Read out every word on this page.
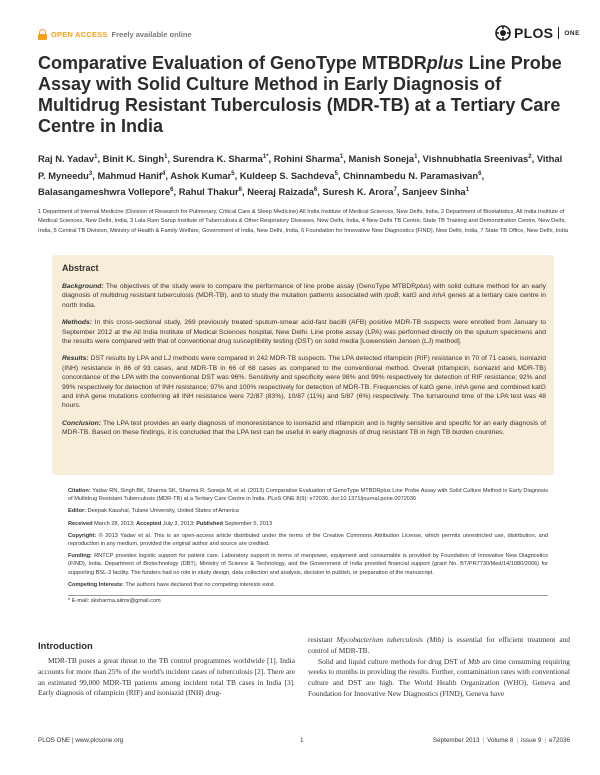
OPEN ACCESS Freely available online	PLOS ONE
Comparative Evaluation of GenoType MTBDRplus Line Probe Assay with Solid Culture Method in Early Diagnosis of Multidrug Resistant Tuberculosis (MDR-TB) at a Tertiary Care Centre in India
Raj N. Yadav$^1$, Binit K. Singh$^1$, Surendra K. Sharma$^{1*}$, Rohini Sharma$^1$, Manish Soneja$^1$, Vishnubhatla Sreenivas$^2$, Vithal P. Myneedu$^3$, Mahmud Hanif$^4$, Ashok Kumar$^5$, Kuldeep S. Sachdeva$^5$, Chinnambedu N. Paramasivan$^6$, Balasangameshwra Vollepore$^6$, Rahul Thakur$^6$, Neeraj Raizada$^6$, Suresh K. Arora$^7$, Sanjeev Sinha$^1$
1 Department of Internal Medicine (Division of Research for Pulmonary, Critical Care & Sleep Medicine) All India Institute of Medical Sciences, New Delhi, India, 2 Department of Biostatistics, All India Institute of Medical Sciences, New Delhi, India, 3 Lala Ram Sarup Institute of Tuberculosis & Other Respiratory Diseases, New Delhi, India, 4 New Delhi TB Centre, State TB Training and Demonstration Centre, New Delhi, India, 5 Central TB Division, Ministry of Health & Family Welfare, Government of India, New Delhi, India, 6 Foundation for Innovative New Diagnostics (FIND), New Delhi, India, 7 State TB Office, New Delhi, India
Abstract

Background: The objectives of the study were to compare the performance of line probe assay (GenoType MTBDRplus) with solid culture method for an early diagnosis of multidrug resistant tuberculosis (MDR-TB), and to study the mutation patterns associated with rpoB, katG and inhA genes at a tertiary care centre in north India.

Methods: In this cross-sectional study, 269 previously treated sputum-smear acid-fast bacilli (AFB) positive MDR-TB suspects were enrolled from January to September 2012 at the All India Institute of Medical Sciences hospital, New Delhi. Line probe assay (LPA) was performed directly on the sputum specimens and the results were compared with that of conventional drug susceptibility testing (DST) on solid media [Lowenstein Jensen (LJ) method].

Results: DST results by LPA and LJ methods were compared in 242 MDR-TB suspects. The LPA detected rifampicin (RIF) resistance in 70 of 71 cases, isoniazid (INH) resistance in 86 of 93 cases, and MDR-TB in 66 of 68 cases as compared to the conventional method. Overall (rifampicin, isoniazid and MDR-TB) concordance of the LPA with the conventional DST was 96%. Sensitivity and specificity were 98% and 99% respectively for detection of RIF resistance; 92% and 99% respectively for detection of INH resistance; 97% and 100% respectively for detection of MDR-TB. Frequencies of katG gene, inhA gene and combined katG and inhA gene mutations conferring all INH resistance were 72/87 (83%), 10/87 (11%) and 5/87 (6%) respectively. The turnaround time of the LPA test was 48 hours.

Conclusion: The LPA test provides an early diagnosis of monoresistance to isoniazid and rifampicin and is highly sensitive and specific for an early diagnosis of MDR-TB. Based on these findings, it is concluded that the LPA test can be useful in early diagnosis of drug resistant TB in high TB burden countries.

Citation: Yadav RN, Singh BK, Sharma SK, Sharma R, Soneja M, et al. (2013) Comparative Evaluation of GenoType MTBDRplus Line Probe Assay with Solid Culture Method in Early Diagnosis of Multidrug Resistant Tuberculosis (MDR-TB) at a Tertiary Care Centre in India. PLoS ONE 8(9): e72036. doi:10.1371/journal.pone.0072036

Editor: Deepak Kaushal, Tulane University, United States of America

Received March 28, 2013; Accepted July 3, 2013; Published September 5, 2013

Copyright: © 2013 Yadav et al. This is an open-access article distributed under the terms of the Creative Commons Attribution License, which permits unrestricted use, distribution, and reproduction in any medium, provided the original author and source are credited.

Funding: RNTCP provides logistic support for patient care. Laboratory support in terms of manpower, equipment and consumable is provided by Foundation of Innovative New Diagnostics (FIND), India. Department of Biotechnology (DBT), Ministry of Science & Technology, and the Government of India provided financial support (grant No. BT/PR7730/Med/14/1080/2006) for supporting BSL-3 facility. The funders had no role in study design, data collection and analysis, decision to publish, or preparation of the manuscript.

Competing Interests: The authors have declared that no competing interests exist.

* E-mail: sksharma.aiims@gmail.com
Introduction

MDR-TB poses a great threat to the TB control programmes worldwide [1]. India accounts for more than 25% of the world's incident cases of tuberculosis [2]. There are an estimated 99,000 MDR-TB patients among incident total TB cases in India [3]. Early diagnosis of rifampicin (RIF) and isoniazid (INH) drug-

resistant Mycobacterium tuberculosis (Mtb) is essential for efficient treatment and control of MDR-TB.

Solid and liquid culture methods for drug DST of Mtb are time consuming requiring weeks to months in providing the results. Further, contamination rates with conventional culture and DST are high. The World Health Organization (WHO), Geneva and Foundation for Innovative New Diagnostics (FIND), Geneva have

PLOS ONE | www.plosone.org	1	September 2013 | Volume 8 | Issue 9 | e72036
